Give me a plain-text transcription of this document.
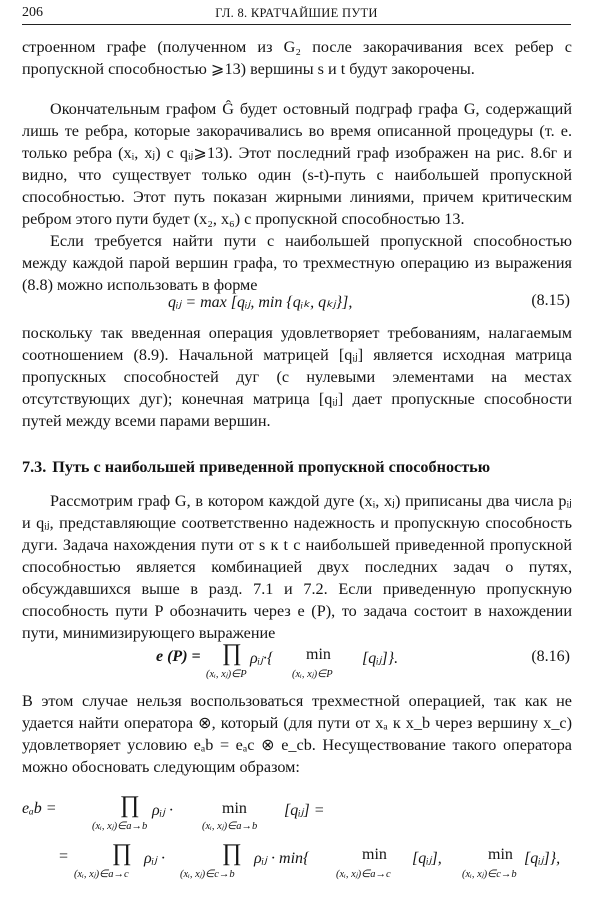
206	ГЛ. 8. КРАТЧАЙШИЕ ПУТИ
строенном графе (полученном из G₂ после закорачивания всех ребер с пропускной способностью ⩾13) вершины s и t будут закорочены.
Окончательным графом Ĝ будет остовный подграф графа G, содержащий лишь те ребра, которые закорачивались во время описанной процедуры (т. е. только ребра (xᵢ, xⱼ) с qᵢⱼ⩾13). Этот последний граф изображен на рис. 8.6г и видно, что существует только один (s-t)-путь с наибольшей пропускной способностью. Этот путь показан жирными линиями, причем критическим ребром этого пути будет (x₂, x₆) с пропускной способностью 13.
Если требуется найти пути с наибольшей пропускной способностью между каждой парой вершин графа, то трехместную операцию из выражения (8.8) можно использовать в форме
qᵢⱼ = max [qᵢⱼ, min {qᵢₖ, qₖⱼ}],	(8.15)
поскольку так введенная операция удовлетворяет требованиям, налагаемым соотношением (8.9). Начальной матрицей [qᵢⱼ] является исходная матрица пропускных способностей дуг (с нулевыми элементами на местах отсутствующих дуг); конечная матрица [qᵢⱼ] дает пропускные способности путей между всеми парами вершин.
7.3. Путь с наибольшей приведенной пропускной способностью
Рассмотрим граф G, в котором каждой дуге (xᵢ, xⱼ) приписаны два числа pᵢⱼ и qᵢⱼ, представляющие соответственно надежность и пропускную способность дуги. Задача нахождения пути от s к t с наибольшей приведенной пропускной способностью является комбинацией двух последних задач о путях, обсуждавшихся выше в разд. 7.1 и 7.2. Если приведенную пропускную способность пути P обозначить через e (P), то задача состоит в нахождении пути, минимизирующего выражение
e (P) = ∏
(xᵢ, xⱼ)∈P
ρᵢⱼ·{ min
(xᵢ, xⱼ)∈P
[qᵢⱼ]}.	(8.16)
В этом случае нельзя воспользоваться трехместной операцией, так как не удается найти оператора ⊗, который (для пути от xₐ к x_b через вершину x_c) удовлетворяет условию eₐb = eₐc ⊗ e_cb. Несуществование такого оператора можно обосновать следующим образом:
eₐb =	∏
(xᵢ, xⱼ)∈a→b
ρᵢⱼ ·	min
(xᵢ, xⱼ)∈a→b
[qᵢⱼ] =
= ∏
(xᵢ, xⱼ)∈a→c
ρᵢⱼ · ∏
(xᵢ, xⱼ)∈c→b
ρᵢⱼ · min{	min
(xᵢ, xⱼ)∈a→c
[qᵢⱼ],	min
(xᵢ, xⱼ)∈c→b
[qᵢⱼ]},
